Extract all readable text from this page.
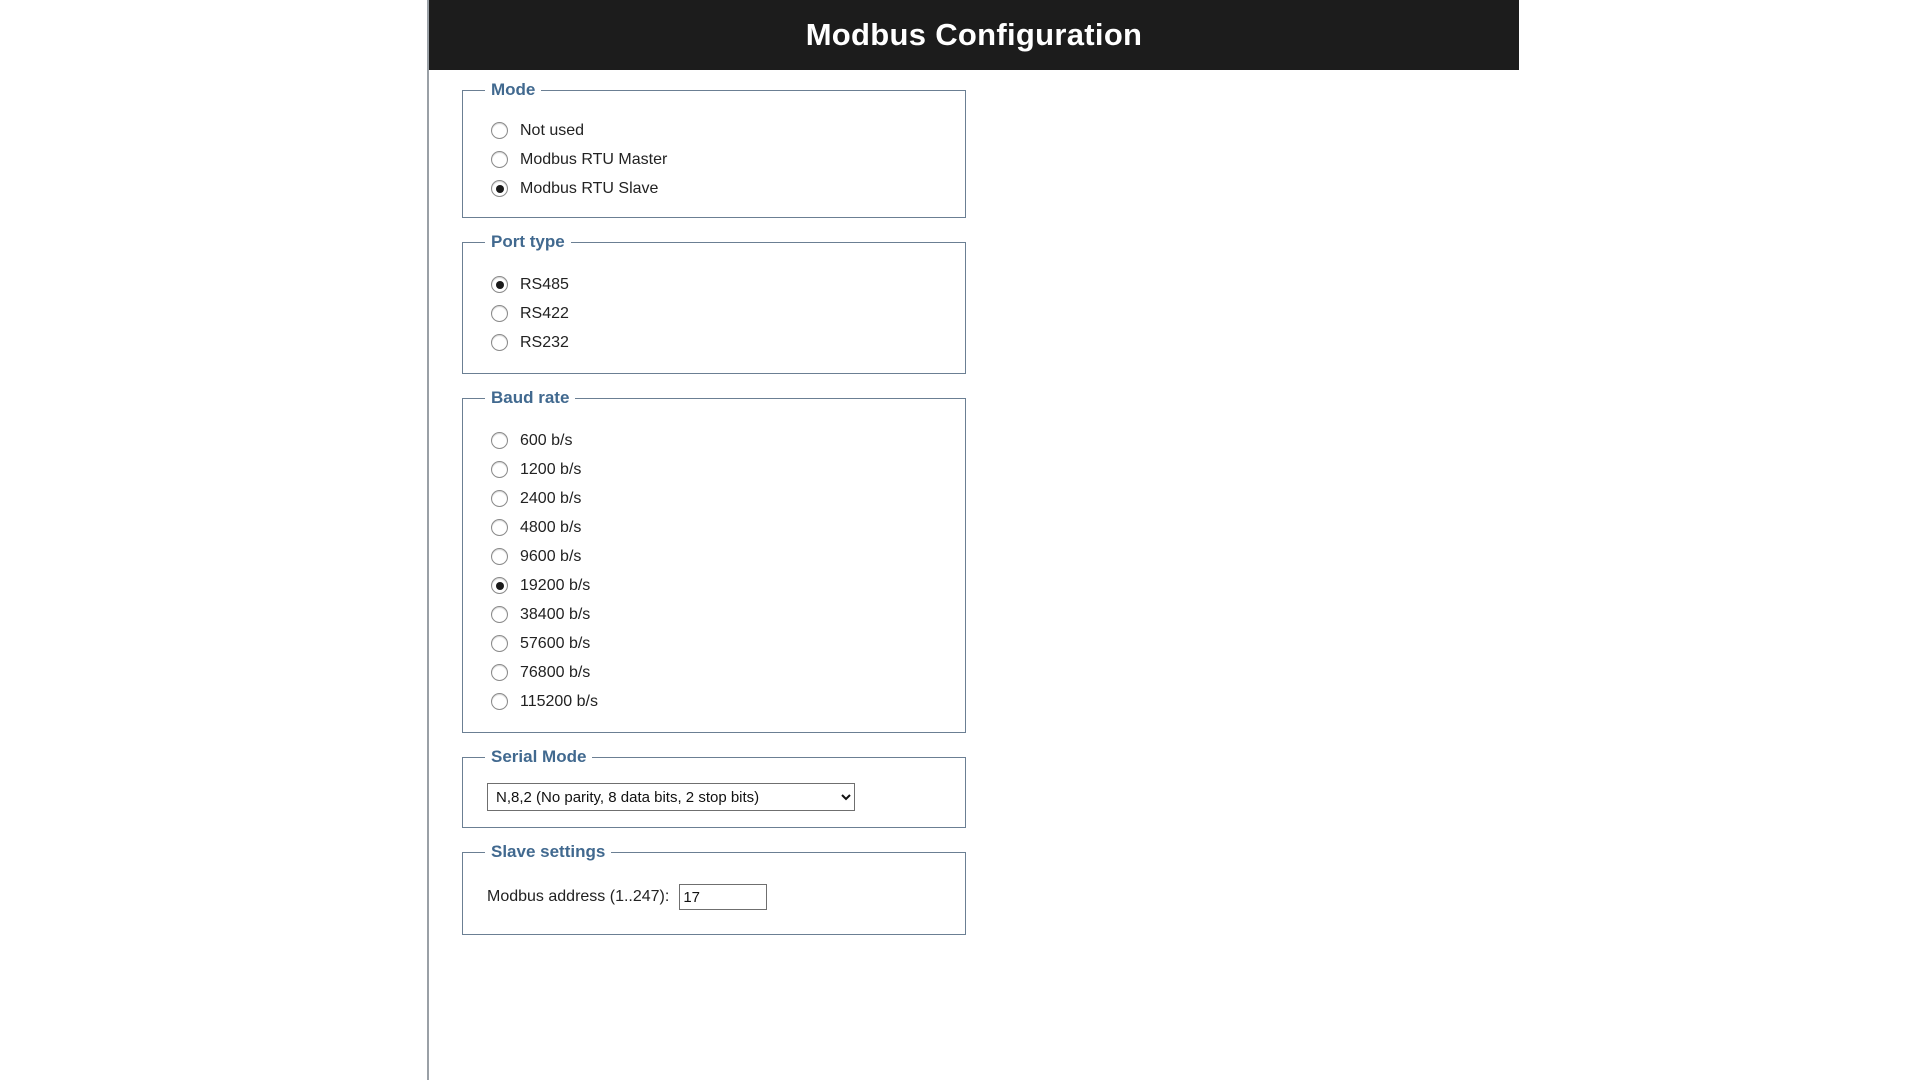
Modbus Configuration
Mode
Not used
Modbus RTU Master
Modbus RTU Slave
Port type
RS485
RS422
RS232
Baud rate
600 b/s
1200 b/s
2400 b/s
4800 b/s
9600 b/s
19200 b/s
38400 b/s
57600 b/s
76800 b/s
115200 b/s
Serial Mode
N,8,2 (No parity, 8 data bits, 2 stop bits)
Slave settings
Modbus address (1..247):
17
